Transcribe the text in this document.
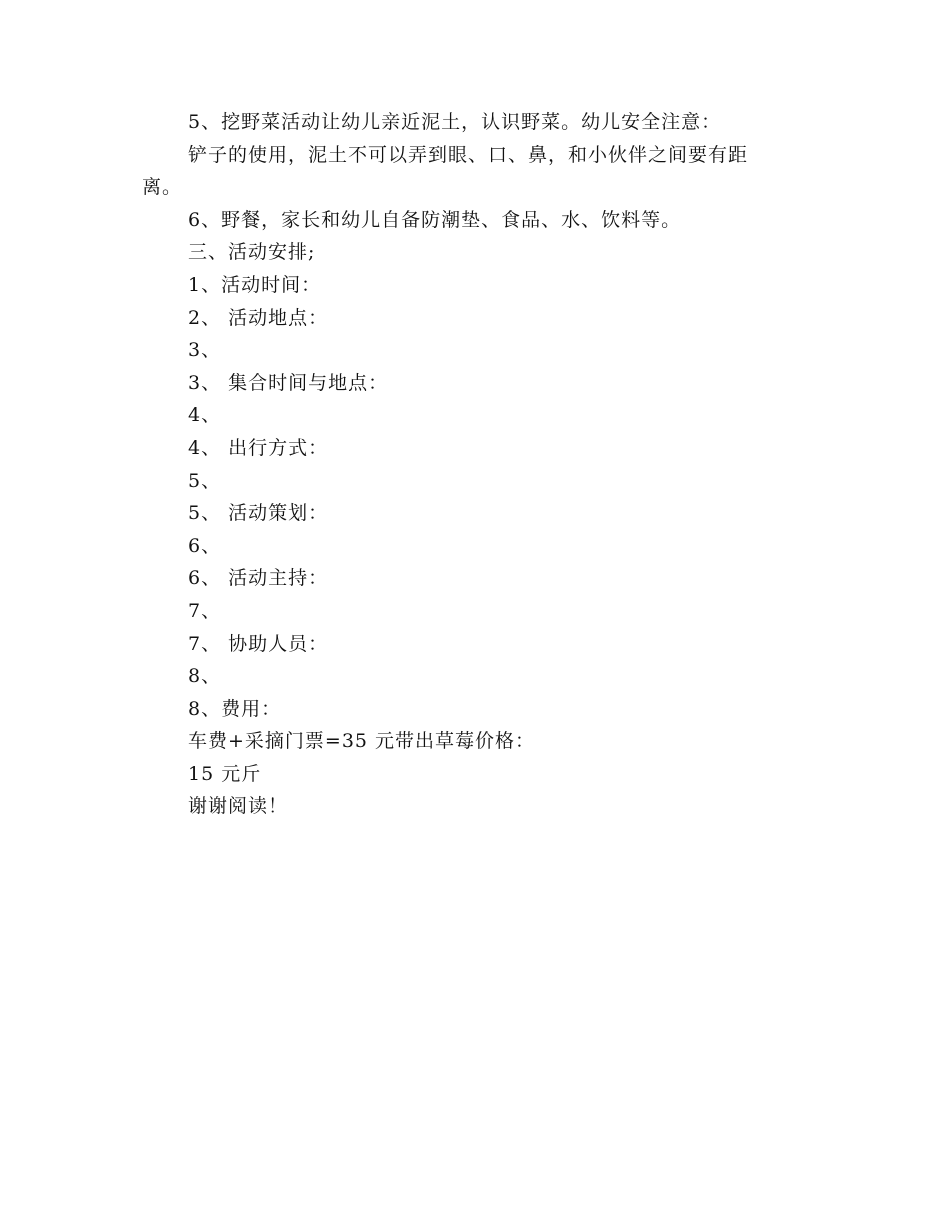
5、挖野菜活动让幼儿亲近泥土，认识野菜。幼儿安全注意：
铲子的使用，泥土不可以弄到眼、口、鼻，和小伙伴之间要有距
离。
6、野餐，家长和幼儿自备防潮垫、食品、水、饮料等。
三、活动安排;
1、活动时间：
2、 活动地点：
3、
3、 集合时间与地点：
4、
4、 出行方式：
5、
5、 活动策划：
6、
6、 活动主持：
7、
7、 协助人员：
8、
8、费用：
车费+采摘门票=35 元带出草莓价格：
15 元斤
谢谢阅读！
